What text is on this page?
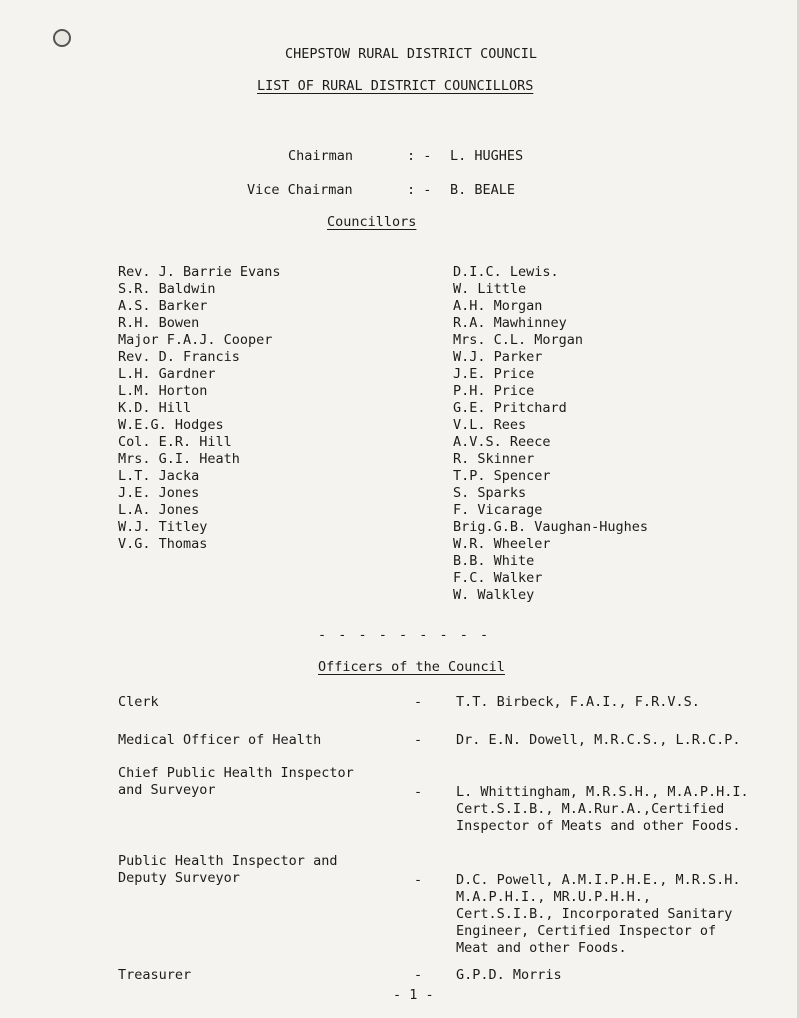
CHEPSTOW RURAL DISTRICT COUNCIL
LIST OF RURAL DISTRICT COUNCILLORS
Chairman	: - L. HUGHES
Vice Chairman	: - B. BEALE
Councillors
Rev. J. Barrie Evans
S.R. Baldwin
A.S. Barker
R.H. Bowen
Major F.A.J. Cooper
Rev. D. Francis
L.H. Gardner
L.M. Horton
K.D. Hill
W.E.G. Hodges
Col. E.R. Hill
Mrs. G.I. Heath
L.T. Jacka
J.E. Jones
L.A. Jones
W.J. Titley
V.G. Thomas
D.I.C. Lewis.
W. Little
A.H. Morgan
R.A. Mawhinney
Mrs. C.L. Morgan
W.J. Parker
J.E. Price
P.H. Price
G.E. Pritchard
V.L. Rees
A.V.S. Reece
R. Skinner
T.P. Spencer
S. Sparks
F. Vicarage
Brig.G.B. Vaughan-Hughes
W.R. Wheeler
B.B. White
F.C. Walker
W. Walkley
- - - - - - - - -
Officers of the Council
Clerk	-	T.T. Birbeck, F.A.I., F.R.V.S.
Medical Officer of Health	-	Dr. E.N. Dowell, M.R.C.S., L.R.C.P.
Chief Public Health Inspector
and Surveyor	-	L. Whittingham, M.R.S.H., M.A.P.H.I.
Cert.S.I.B., M.A.Rur.A.,Certified
Inspector of Meats and other Foods.
Public Health Inspector and
Deputy Surveyor	-	D.C. Powell, A.M.I.P.H.E., M.R.S.H.
M.A.P.H.I., MR.U.P.H.H.,
Cert.S.I.B., Incorporated Sanitary
Engineer, Certified Inspector of
Meat and other Foods.
Treasurer	-	G.P.D. Morris
- 1 -
